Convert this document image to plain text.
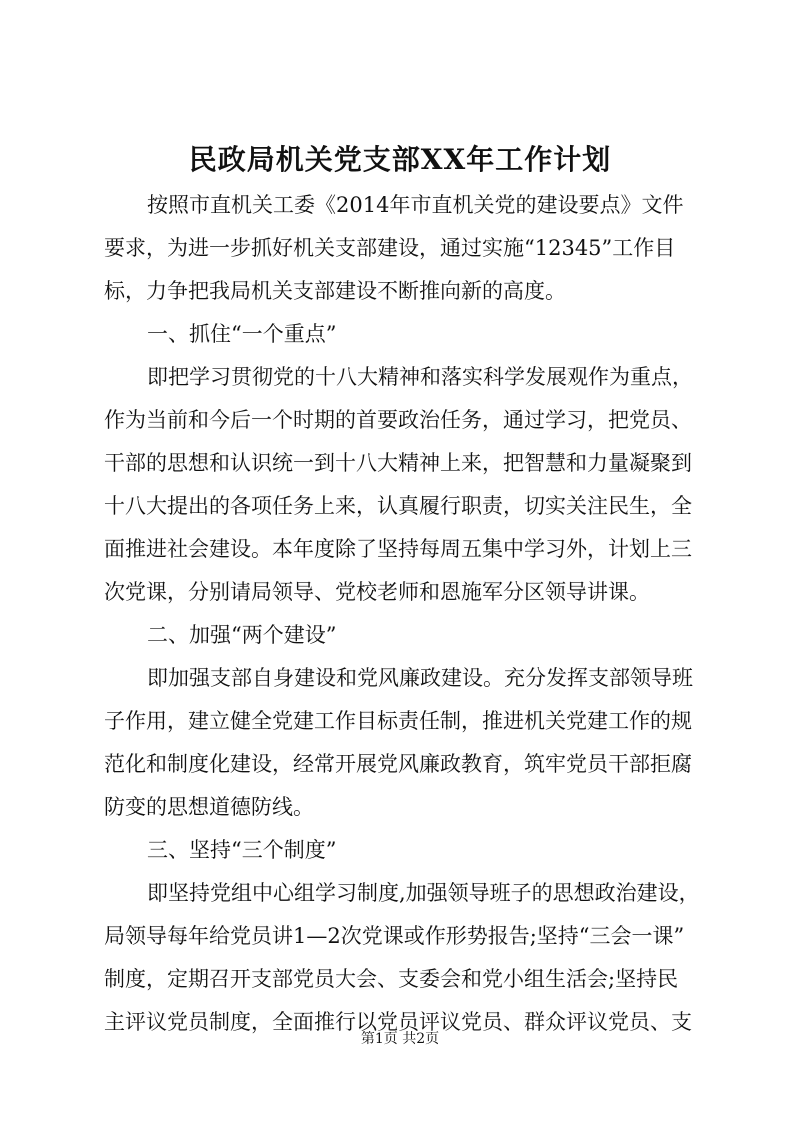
民政局机关党支部XX年工作计划
按照市直机关工委《2014年市直机关党的建设要点》文件
要求，为进一步抓好机关支部建设，通过实施“12345”工作目
标，力争把我局机关支部建设不断推向新的高度。
一、抓住“一个重点”
即把学习贯彻党的十八大精神和落实科学发展观作为重点，
作为当前和今后一个时期的首要政治任务，通过学习，把党员、
干部的思想和认识统一到十八大精神上来，把智慧和力量凝聚到
十八大提出的各项任务上来，认真履行职责，切实关注民生，全
面推进社会建设。本年度除了坚持每周五集中学习外，计划上三
次党课，分别请局领导、党校老师和恩施军分区领导讲课。
二、加强“两个建设”
即加强支部自身建设和党风廉政建设。充分发挥支部领导班
子作用，建立健全党建工作目标责任制，推进机关党建工作的规
范化和制度化建设，经常开展党风廉政教育，筑牢党员干部拒腐
防变的思想道德防线。
三、坚持“三个制度”
即坚持党组中心组学习制度,加强领导班子的思想政治建设，
局领导每年给党员讲1—2次党课或作形势报告;坚持“三会一课”
制度，定期召开支部党员大会、支委会和党小组生活会;坚持民
主评议党员制度，全面推行以党员评议党员、群众评议党员、支
第1页 共2页
